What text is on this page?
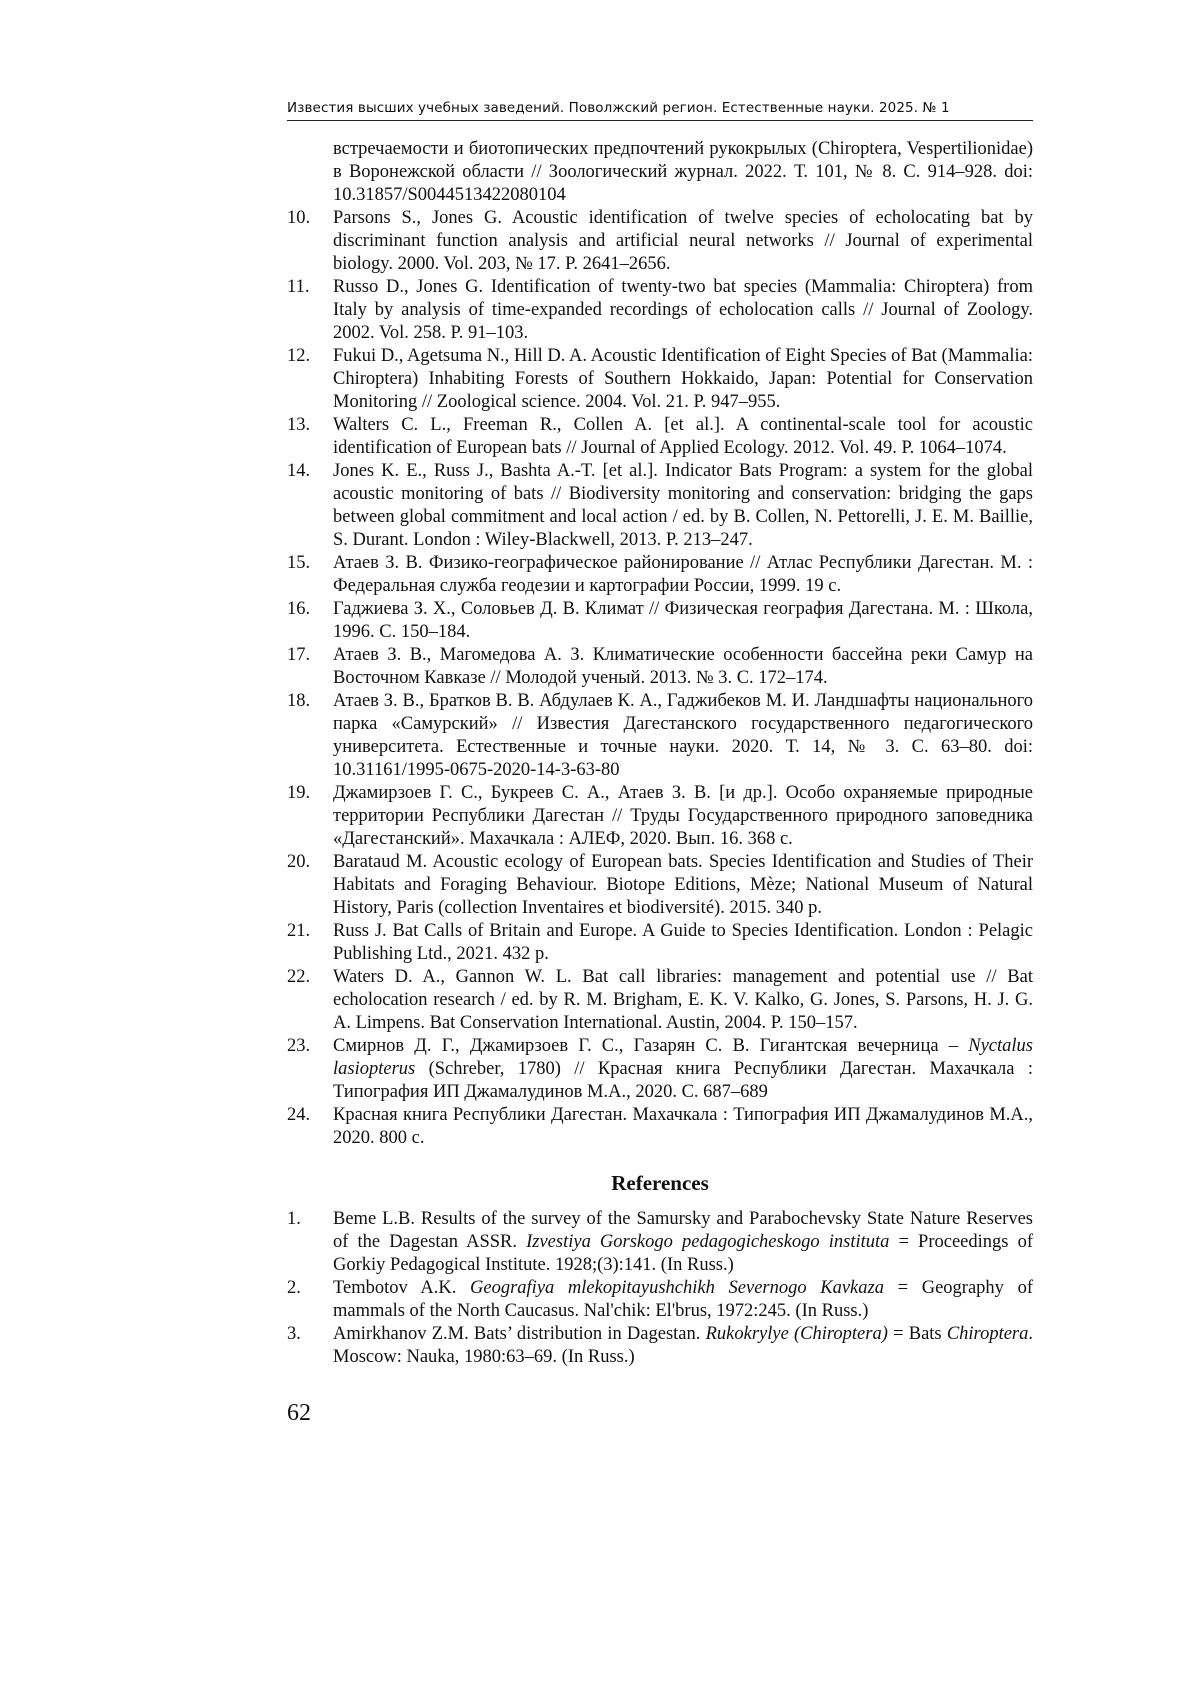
Известия высших учебных заведений. Поволжский регион. Естественные науки. 2025. № 1
встречаемости и биотопических предпочтений рукокрылых (Chiroptera, Vespertilionidae) в Воронежской области // Зоологический журнал. 2022. Т. 101, № 8. С. 914–928. doi: 10.31857/S0044513422080104
10. Parsons S., Jones G. Acoustic identification of twelve species of echolocating bat by discriminant function analysis and artificial neural networks // Journal of experimental biology. 2000. Vol. 203, № 17. P. 2641–2656.
11. Russo D., Jones G. Identification of twenty-two bat species (Mammalia: Chiroptera) from Italy by analysis of time-expanded recordings of echolocation calls // Journal of Zoology. 2002. Vol. 258. P. 91–103.
12. Fukui D., Agetsuma N., Hill D. A. Acoustic Identification of Eight Species of Bat (Mammalia: Chiroptera) Inhabiting Forests of Southern Hokkaido, Japan: Potential for Conservation Monitoring // Zoological science. 2004. Vol. 21. P. 947–955.
13. Walters C. L., Freeman R., Collen A. [et al.]. A continental-scale tool for acoustic identification of European bats // Journal of Applied Ecology. 2012. Vol. 49. P. 1064–1074.
14. Jones K. E., Russ J., Bashta A.-T. [et al.]. Indicator Bats Program: a system for the global acoustic monitoring of bats // Biodiversity monitoring and conservation: bridging the gaps between global commitment and local action / ed. by B. Collen, N. Pettorelli, J. E. M. Baillie, S. Durant. London : Wiley-Blackwell, 2013. P. 213–247.
15. Атаев З. В. Физико-географическое районирование // Атлас Республики Дагестан. М. : Федеральная служба геодезии и картографии России, 1999. 19 с.
16. Гаджиева З. Х., Соловьев Д. В. Климат // Физическая география Дагестана. М. : Школа, 1996. С. 150–184.
17. Атаев З. В., Магомедова А. З. Климатические особенности бассейна реки Самур на Восточном Кавказе // Молодой ученый. 2013. № 3. С. 172–174.
18. Атаев З. В., Братков В. В. Абдулаев К. А., Гаджибеков М. И. Ландшафты национального парка «Самурский» // Известия Дагестанского государственного педагогического университета. Естественные и точные науки. 2020. Т. 14, № 3. С. 63–80. doi: 10.31161/1995-0675-2020-14-3-63-80
19. Джамирзоев Г. С., Букреев С. А., Атаев З. В. [и др.]. Особо охраняемые природные территории Республики Дагестан // Труды Государственного природного заповедника «Дагестанский». Махачкала : АЛЕФ, 2020. Вып. 16. 368 с.
20. Barataud M. Acoustic ecology of European bats. Species Identification and Studies of Their Habitats and Foraging Behaviour. Biotope Editions, Mèze; National Museum of Natural History, Paris (collection Inventaires et biodiversité). 2015. 340 p.
21. Russ J. Bat Calls of Britain and Europe. A Guide to Species Identification. London : Pelagic Publishing Ltd., 2021. 432 p.
22. Waters D. A., Gannon W. L. Bat call libraries: management and potential use // Bat echolocation research / ed. by R. M. Brigham, E. K. V. Kalko, G. Jones, S. Parsons, H. J. G. A. Limpens. Bat Conservation International. Austin, 2004. P. 150–157.
23. Смирнов Д. Г., Джамирзоев Г. С., Газарян С. В. Гигантская вечерница – Nyctalus lasiopterus (Schreber, 1780) // Красная книга Республики Дагестан. Махачкала : Типография ИП Джамалудинов М.А., 2020. С. 687–689
24. Красная книга Республики Дагестан. Махачкала : Типография ИП Джамалудинов М.А., 2020. 800 с.
References
1. Beme L.B. Results of the survey of the Samursky and Parabochevsky State Nature Reserves of the Dagestan ASSR. Izvestiya Gorskogo pedagogicheskogo instituta = Proceedings of Gorkiy Pedagogical Institute. 1928;(3):141. (In Russ.)
2. Tembotov A.K. Geografiya mlekopitayushchikh Severnogo Kavkaza = Geography of mammals of the North Caucasus. Nal'chik: El'brus, 1972:245. (In Russ.)
3. Amirkhanov Z.M. Bats’ distribution in Dagestan. Rukokrylye (Chiroptera) = Bats Chiroptera. Moscow: Nauka, 1980:63–69. (In Russ.)
62
